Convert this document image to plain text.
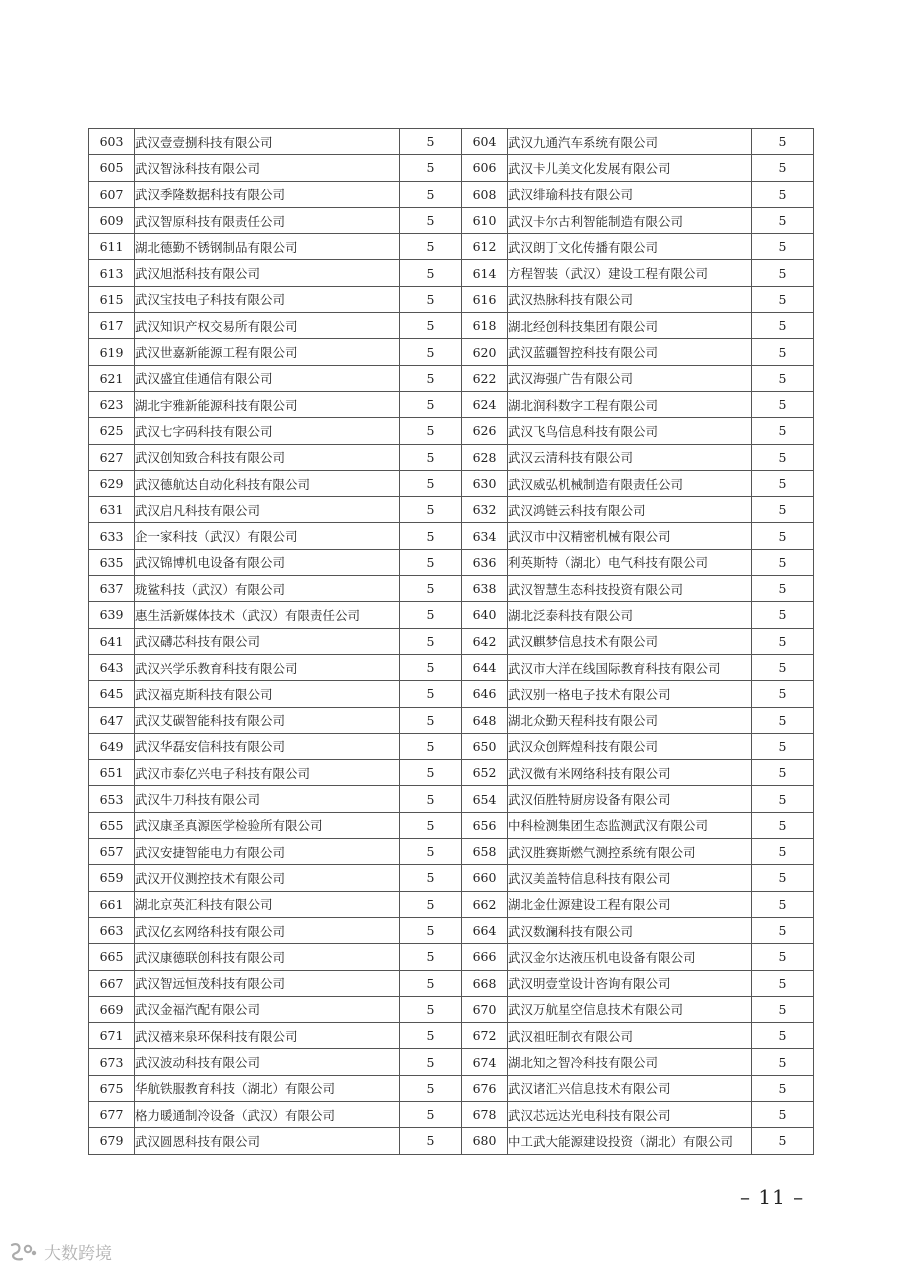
603	武汉壹壹捌科技有限公司	5	604	武汉九通汽车系统有限公司	5
605	武汉智泳科技有限公司	5	606	武汉卡儿美文化发展有限公司	5
607	武汉季隆数据科技有限公司	5	608	武汉绯瑜科技有限公司	5
609	武汉智原科技有限责任公司	5	610	武汉卡尔古利智能制造有限公司	5
611	湖北德勤不锈钢制品有限公司	5	612	武汉朗丁文化传播有限公司	5
613	武汉旭湉科技有限公司	5	614	方程智装（武汉）建设工程有限公司	5
615	武汉宝技电子科技有限公司	5	616	武汉热脉科技有限公司	5
617	武汉知识产权交易所有限公司	5	618	湖北经创科技集团有限公司	5
619	武汉世嘉新能源工程有限公司	5	620	武汉蓝疆智控科技有限公司	5
621	武汉盛宜佳通信有限公司	5	622	武汉海强广告有限公司	5
623	湖北宇雅新能源科技有限公司	5	624	湖北润科数字工程有限公司	5
625	武汉七字码科技有限公司	5	626	武汉飞鸟信息科技有限公司	5
627	武汉创知致合科技有限公司	5	628	武汉云清科技有限公司	5
629	武汉德航达自动化科技有限公司	5	630	武汉威弘机械制造有限责任公司	5
631	武汉启凡科技有限公司	5	632	武汉鸿链云科技有限公司	5
633	企一家科技（武汉）有限公司	5	634	武汉市中汉精密机械有限公司	5
635	武汉锦博机电设备有限公司	5	636	利英斯特（湖北）电气科技有限公司	5
637	珑鲨科技（武汉）有限公司	5	638	武汉智慧生态科技投资有限公司	5
639	惠生活新媒体技术（武汉）有限责任公司	5	640	湖北泛泰科技有限公司	5
641	武汉礴芯科技有限公司	5	642	武汉麒梦信息技术有限公司	5
643	武汉兴学乐教育科技有限公司	5	644	武汉市大洋在线国际教育科技有限公司	5
645	武汉福克斯科技有限公司	5	646	武汉别一格电子技术有限公司	5
647	武汉艾碳智能科技有限公司	5	648	湖北众勤天程科技有限公司	5
649	武汉华磊安信科技有限公司	5	650	武汉众创辉煌科技有限公司	5
651	武汉市泰亿兴电子科技有限公司	5	652	武汉微有米网络科技有限公司	5
653	武汉牛刀科技有限公司	5	654	武汉佰胜特厨房设备有限公司	5
655	武汉康圣真源医学检验所有限公司	5	656	中科检测集团生态监测武汉有限公司	5
657	武汉安捷智能电力有限公司	5	658	武汉胜赛斯燃气测控系统有限公司	5
659	武汉开仪测控技术有限公司	5	660	武汉美盖特信息科技有限公司	5
661	湖北京英汇科技有限公司	5	662	湖北金仕源建设工程有限公司	5
663	武汉亿玄网络科技有限公司	5	664	武汉数澜科技有限公司	5
665	武汉康德联创科技有限公司	5	666	武汉金尔达液压机电设备有限公司	5
667	武汉智远恒茂科技有限公司	5	668	武汉明壹堂设计咨询有限公司	5
669	武汉金福汽配有限公司	5	670	武汉万航星空信息技术有限公司	5
671	武汉禧来泉环保科技有限公司	5	672	武汉祖旺制衣有限公司	5
673	武汉波动科技有限公司	5	674	湖北知之智冷科技有限公司	5
675	华航铁服教育科技（湖北）有限公司	5	676	武汉诸汇兴信息技术有限公司	5
677	格力暖通制冷设备（武汉）有限公司	5	678	武汉芯远达光电科技有限公司	5
679	武汉圆恩科技有限公司	5	680	中工武大能源建设投资（湖北）有限公司	5
– 11 –
大数跨境
